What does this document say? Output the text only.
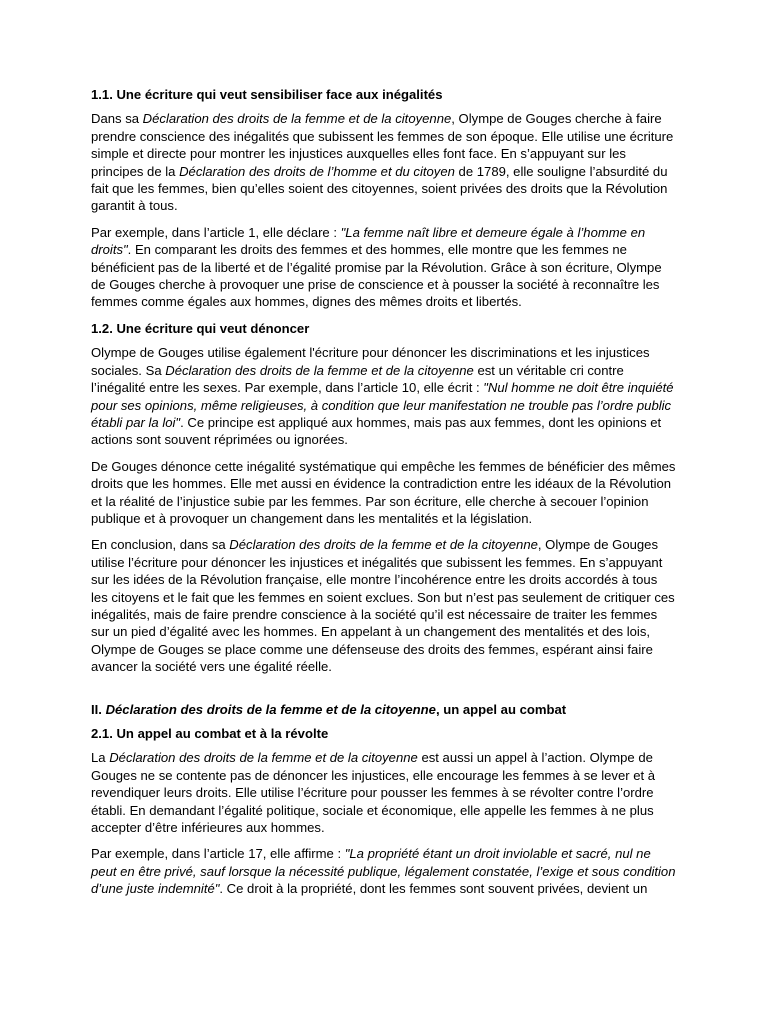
1.1. Une écriture qui veut sensibiliser face aux inégalités

Dans sa Déclaration des droits de la femme et de la citoyenne, Olympe de Gouges cherche à faire prendre conscience des inégalités que subissent les femmes de son époque. Elle utilise une écriture simple et directe pour montrer les injustices auxquelles elles font face. En s’appuyant sur les principes de la Déclaration des droits de l’homme et du citoyen de 1789, elle souligne l’absurdité du fait que les femmes, bien qu’elles soient des citoyennes, soient privées des droits que la Révolution garantit à tous.

Par exemple, dans l’article 1, elle déclare : "La femme naît libre et demeure égale à l’homme en droits". En comparant les droits des femmes et des hommes, elle montre que les femmes ne bénéficient pas de la liberté et de l’égalité promise par la Révolution. Grâce à son écriture, Olympe de Gouges cherche à provoquer une prise de conscience et à pousser la société à reconnaître les femmes comme égales aux hommes, dignes des mêmes droits et libertés.

1.2. Une écriture qui veut dénoncer

Olympe de Gouges utilise également l'écriture pour dénoncer les discriminations et les injustices sociales. Sa Déclaration des droits de la femme et de la citoyenne est un véritable cri contre l’inégalité entre les sexes. Par exemple, dans l’article 10, elle écrit : "Nul homme ne doit être inquiété pour ses opinions, même religieuses, à condition que leur manifestation ne trouble pas l’ordre public établi par la loi". Ce principe est appliqué aux hommes, mais pas aux femmes, dont les opinions et actions sont souvent réprimées ou ignorées.

De Gouges dénonce cette inégalité systématique qui empêche les femmes de bénéficier des mêmes droits que les hommes. Elle met aussi en évidence la contradiction entre les idéaux de la Révolution et la réalité de l’injustice subie par les femmes. Par son écriture, elle cherche à secouer l’opinion publique et à provoquer un changement dans les mentalités et la législation.

En conclusion, dans sa Déclaration des droits de la femme et de la citoyenne, Olympe de Gouges utilise l’écriture pour dénoncer les injustices et inégalités que subissent les femmes. En s’appuyant sur les idées de la Révolution française, elle montre l’incohérence entre les droits accordés à tous les citoyens et le fait que les femmes en soient exclues. Son but n’est pas seulement de critiquer ces inégalités, mais de faire prendre conscience à la société qu’il est nécessaire de traiter les femmes sur un pied d’égalité avec les hommes. En appelant à un changement des mentalités et des lois, Olympe de Gouges se place comme une défenseuse des droits des femmes, espérant ainsi faire avancer la société vers une égalité réelle.

II. Déclaration des droits de la femme et de la citoyenne, un appel au combat
2.1. Un appel au combat et à la révolte

La Déclaration des droits de la femme et de la citoyenne est aussi un appel à l’action. Olympe de Gouges ne se contente pas de dénoncer les injustices, elle encourage les femmes à se lever et à revendiquer leurs droits. Elle utilise l’écriture pour pousser les femmes à se révolter contre l’ordre établi. En demandant l’égalité politique, sociale et économique, elle appelle les femmes à ne plus accepter d’être inférieures aux hommes.

Par exemple, dans l’article 17, elle affirme : "La propriété étant un droit inviolable et sacré, nul ne peut en être privé, sauf lorsque la nécessité publique, légalement constatée, l’exige et sous condition d’une juste indemnité". Ce droit à la propriété, dont les femmes sont souvent privées, devient un
